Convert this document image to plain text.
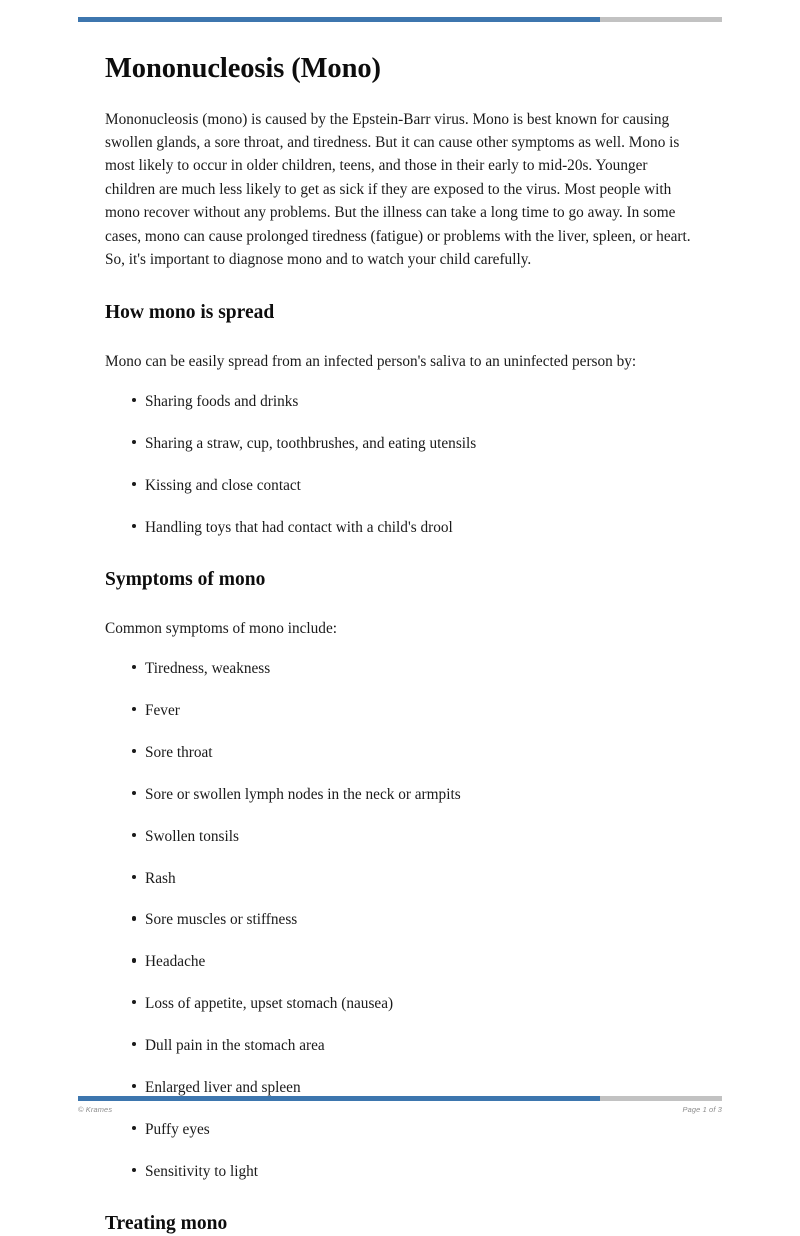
Mononucleosis (Mono)

Mononucleosis (mono) is caused by the Epstein-Barr virus. Mono is best known for causing swollen glands, a sore throat, and tiredness. But it can cause other symptoms as well. Mono is most likely to occur in older children, teens, and those in their early to mid-20s. Younger children are much less likely to get as sick if they are exposed to the virus. Most people with mono recover without any problems. But the illness can take a long time to go away. In some cases, mono can cause prolonged tiredness (fatigue) or problems with the liver, spleen, or heart. So, it's important to diagnose mono and to watch your child carefully.

How mono is spread

Mono can be easily spread from an infected person's saliva to an uninfected person by:

Sharing foods and drinks
Sharing a straw, cup, toothbrushes, and eating utensils
Kissing and close contact
Handling toys that had contact with a child's drool
Symptoms of mono

Common symptoms of mono include:

Tiredness, weakness
Fever
Sore throat
Sore or swollen lymph nodes in the neck or armpits
Swollen tonsils
Rash
Sore muscles or stiffness
Headache
Loss of appetite, upset stomach (nausea)
Dull pain in the stomach area
Enlarged liver and spleen
Puffy eyes
Sensitivity to light
Treating mono
© Krames	Page 1 of 3
